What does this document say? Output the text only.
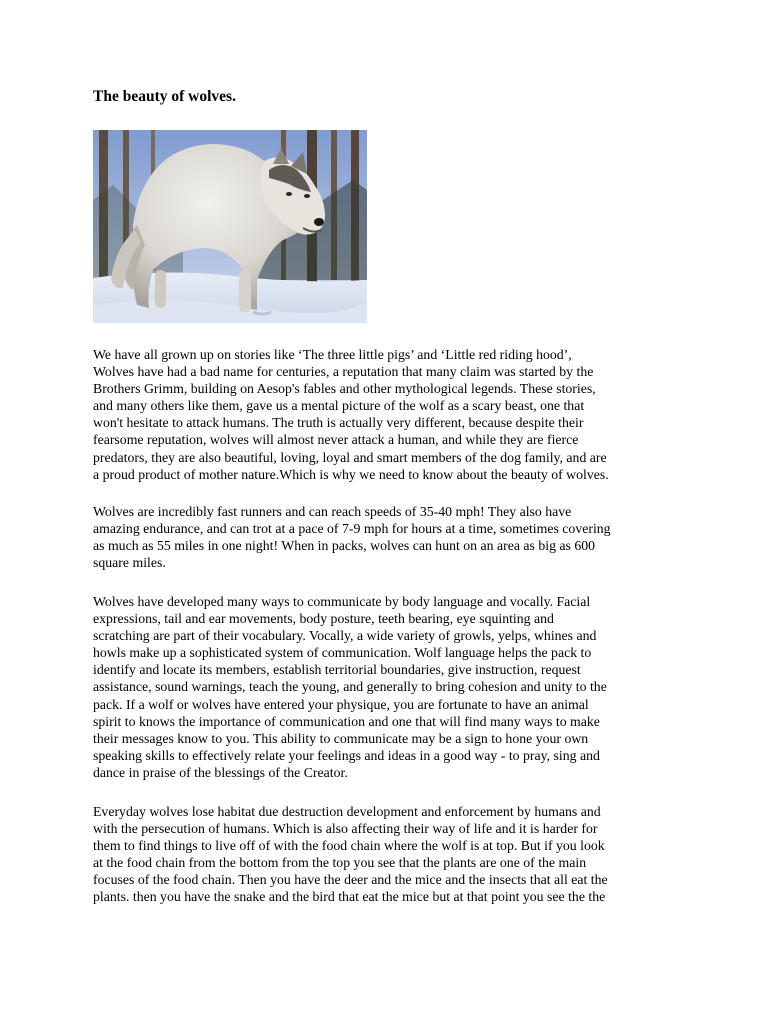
The beauty of wolves.

We have all grown up on stories like ‘The three little pigs’ and ‘Little red riding hood’,
Wolves have had a bad name for centuries, a reputation that many claim was started by the
Brothers Grimm, building on Aesop's fables and other mythological legends. These stories,
and many others like them, gave us a mental picture of the wolf as a scary beast, one that
won't hesitate to attack humans. The truth is actually very different, because despite their
fearsome reputation, wolves will almost never attack a human, and while they are fierce
predators, they are also beautiful, loving, loyal and smart members of the dog family, and are
a proud product of mother nature.Which is why we need to know about the beauty of wolves.

Wolves are incredibly fast runners and can reach speeds of 35-40 mph! They also have
amazing endurance, and can trot at a pace of 7-9 mph for hours at a time, sometimes covering
as much as 55 miles in one night! When in packs, wolves can hunt on an area as big as 600
square miles.

Wolves have developed many ways to communicate by body language and vocally. Facial
expressions, tail and ear movements, body posture, teeth bearing, eye squinting and
scratching are part of their vocabulary. Vocally, a wide variety of growls, yelps, whines and
howls make up a sophisticated system of communication. Wolf language helps the pack to
identify and locate its members, establish territorial boundaries, give instruction, request
assistance, sound warnings, teach the young, and generally to bring cohesion and unity to the
pack. If a wolf or wolves have entered your physique, you are fortunate to have an animal
spirit to knows the importance of communication and one that will find many ways to make
their messages know to you. This ability to communicate may be a sign to hone your own
speaking skills to effectively relate your feelings and ideas in a good way - to pray, sing and
dance in praise of the blessings of the Creator.

Everyday wolves lose habitat due destruction development and enforcement by humans and
with the persecution of humans. Which is also affecting their way of life and it is harder for
them to find things to live off of with the food chain where the wolf is at top. But if you look
at the food chain from the bottom from the top you see that the plants are one of the main
focuses of the food chain. Then you have the deer and the mice and the insects that all eat the
plants. then you have the snake and the bird that eat the mice but at that point you see the the
